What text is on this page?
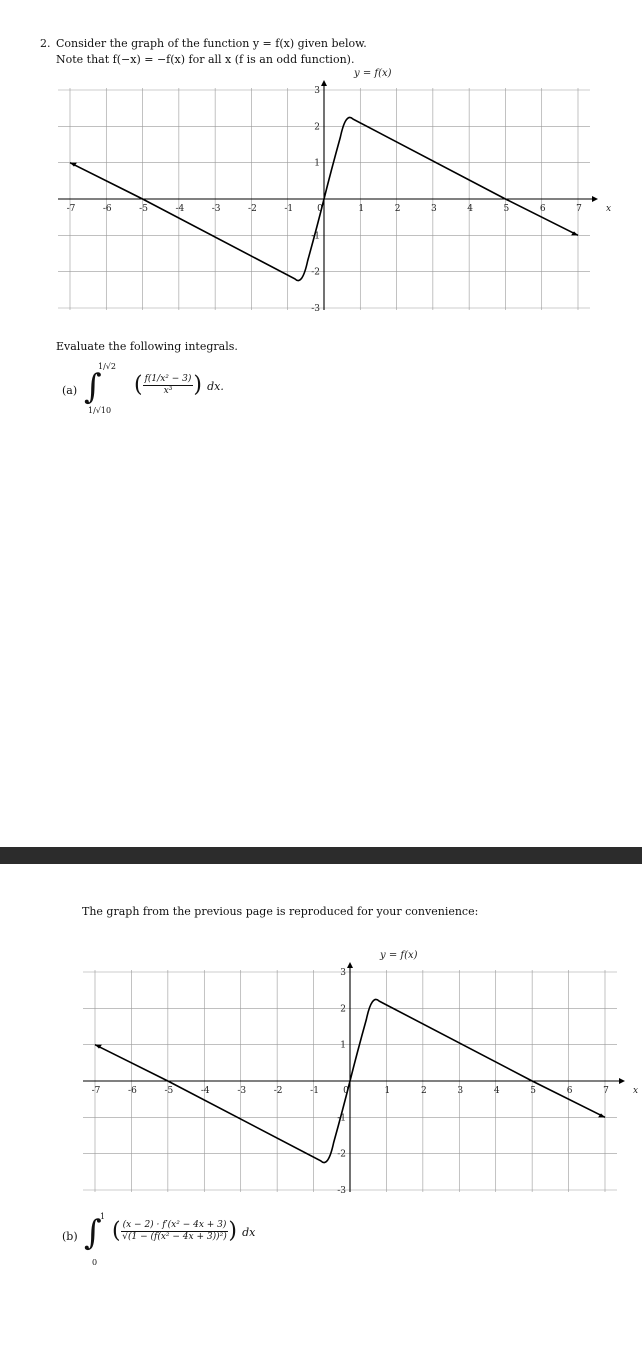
2. Consider the graph of the function y = f(x) given below.
Note that f(−x) = −f(x) for all x (f is an odd function).
-7	-6	-5	-4	-3	-2	-1	0	1	2	3	4	5	6	7
-3
-2
-1
1
2
3
x
y = f(x)
Evaluate the following integrals.
(a) ∫
1/√2
1/√10
( $\frac{\text{f(1/x² − 3)}}{\text{x³}}$ ) dx.
The graph from the previous page is reproduced for your convenience:
-7	-6	-5	-4	-3	-2	-1	0	1	2	3	4	5	6	7
-3
-2
-1
1
2
3
x
y = f(x)
(b) ∫
1
0
( $\frac{\text{(x − 2) · f′(x² − 4x + 3)}}{\text{√(1 − (f(x² − 4x + 3))²)}}$ ) dx
